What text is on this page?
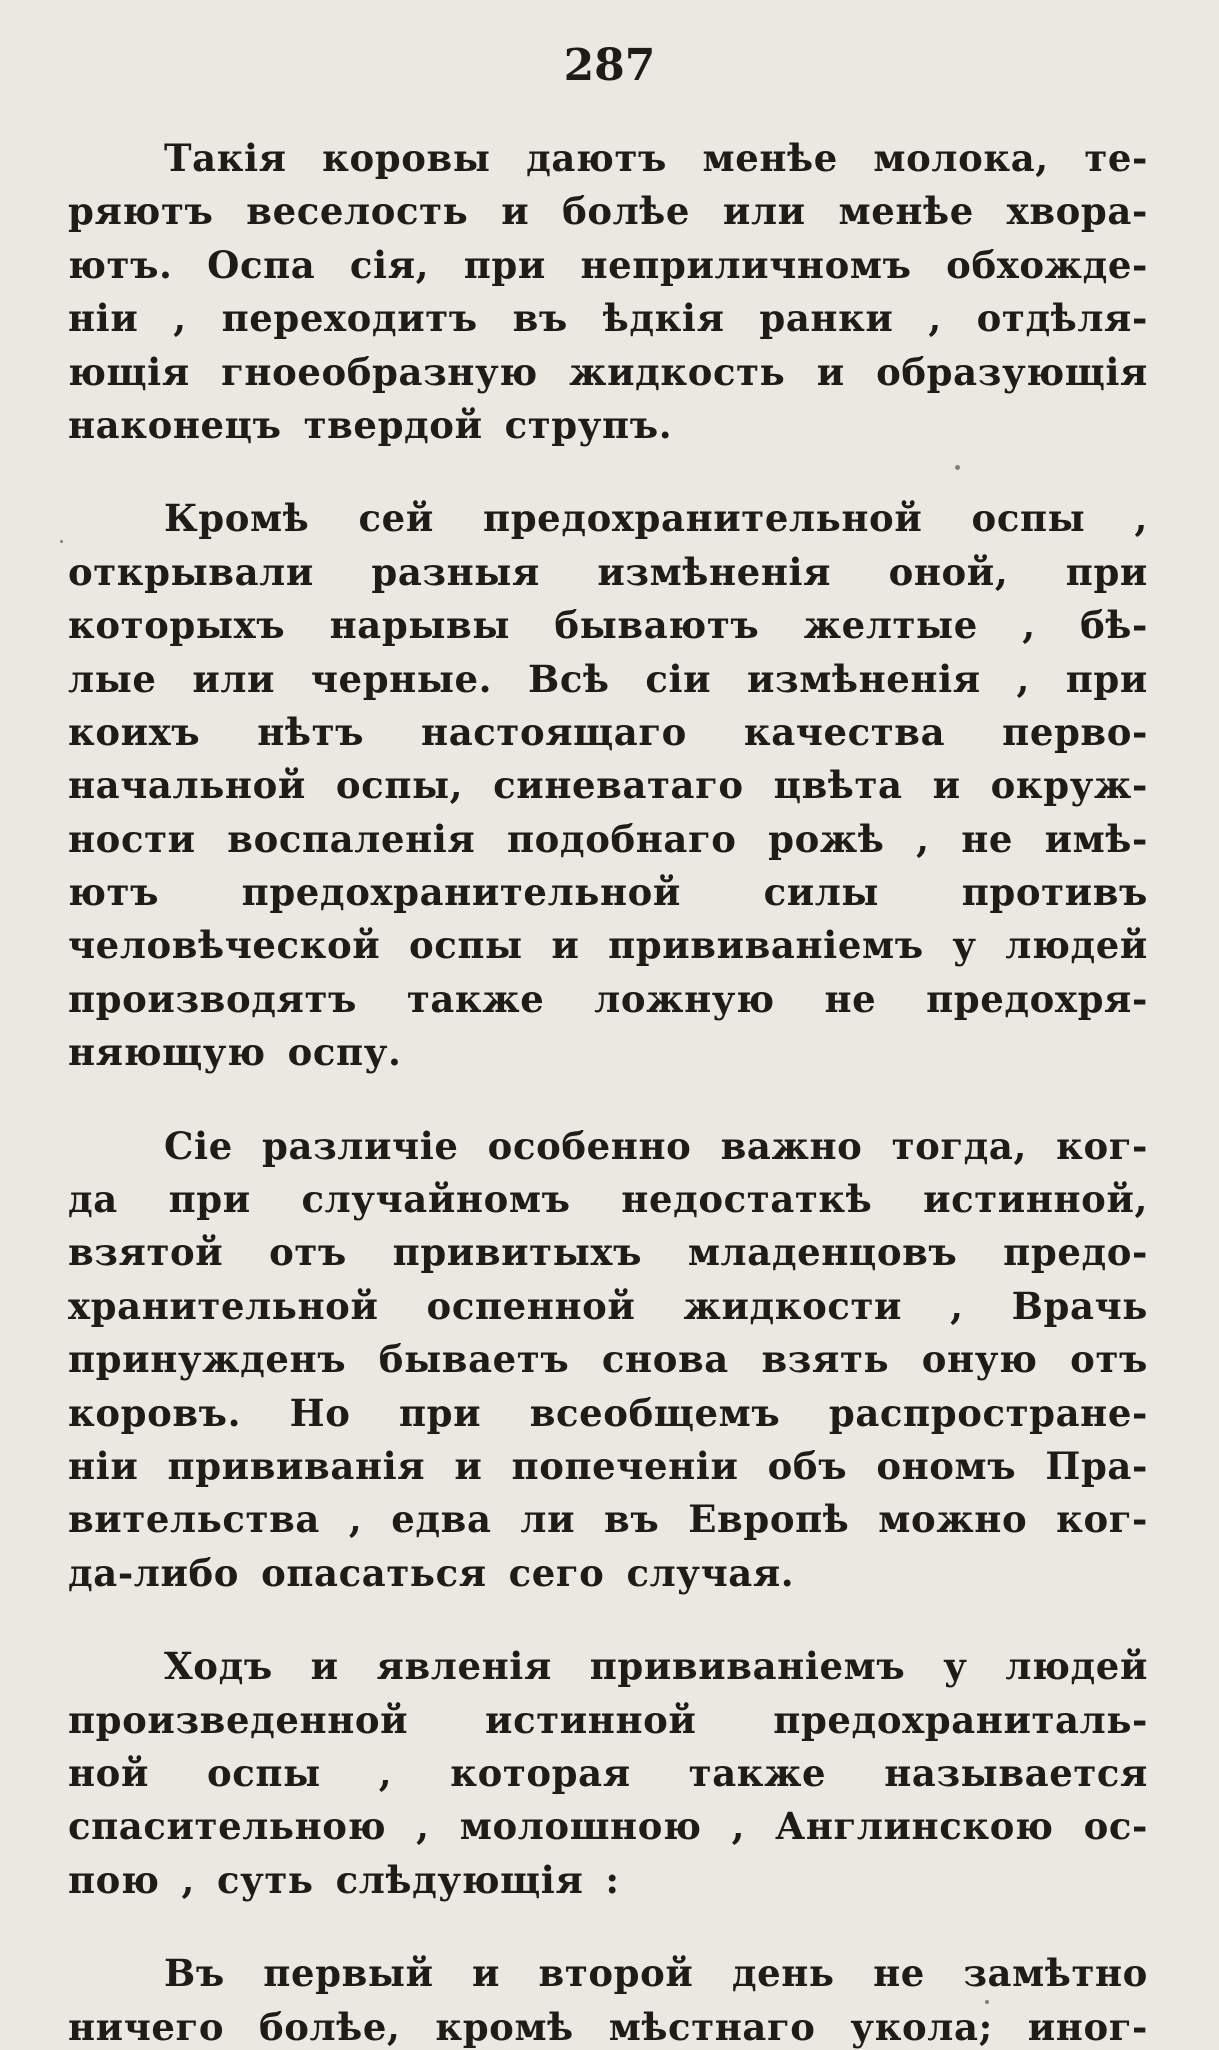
287
Такія коровы даютъ менѣе молока, те-
ряютъ веселость и болѣе или менѣе хвора-
ютъ. Оспа сія, при неприличномъ обхожде-
ніи , переходитъ въ ѣдкія ранки , отдѣля-
ющія гноеобразную жидкость и образующія
наконецъ твердой струпъ.
Кромѣ сей предохранительной оспы ,
открывали разныя измѣненія оной, при
которыхъ нарывы бываютъ желтые , бѣ-
лые или черные. Всѣ сіи измѣненія , при
коихъ нѣтъ настоящаго качества перво-
начальной оспы, синеватаго цвѣта и окруж-
ности воспаленія подобнаго рожѣ , не имѣ-
ютъ предохранительной силы противъ
человѣческой оспы и прививаніемъ у людей
производятъ также ложную не предохря-
няющую оспу.
Сіе различіе особенно важно тогда, ког-
да при случайномъ недостаткѣ истинной,
взятой отъ привитыхъ младенцовъ предо-
хранительной оспенной жидкости , Врачь
принужденъ бываетъ снова взять оную отъ
коровъ. Но при всеобщемъ распростране-
ніи прививанія и попеченіи объ ономъ Пра-
вительства , едва ли въ Европѣ можно ког-
да-либо опасаться сего случая.
Ходъ и явленія прививаніемъ у людей
произведенной истинной предохраниталь-
ной оспы , которая также называется
спасительною , молошною , Англинскою ос-
пою , суть слѣдующія :
Въ первый и второй день не замѣтно
ничего болѣе, кромѣ мѣстнаго укола; иног-
